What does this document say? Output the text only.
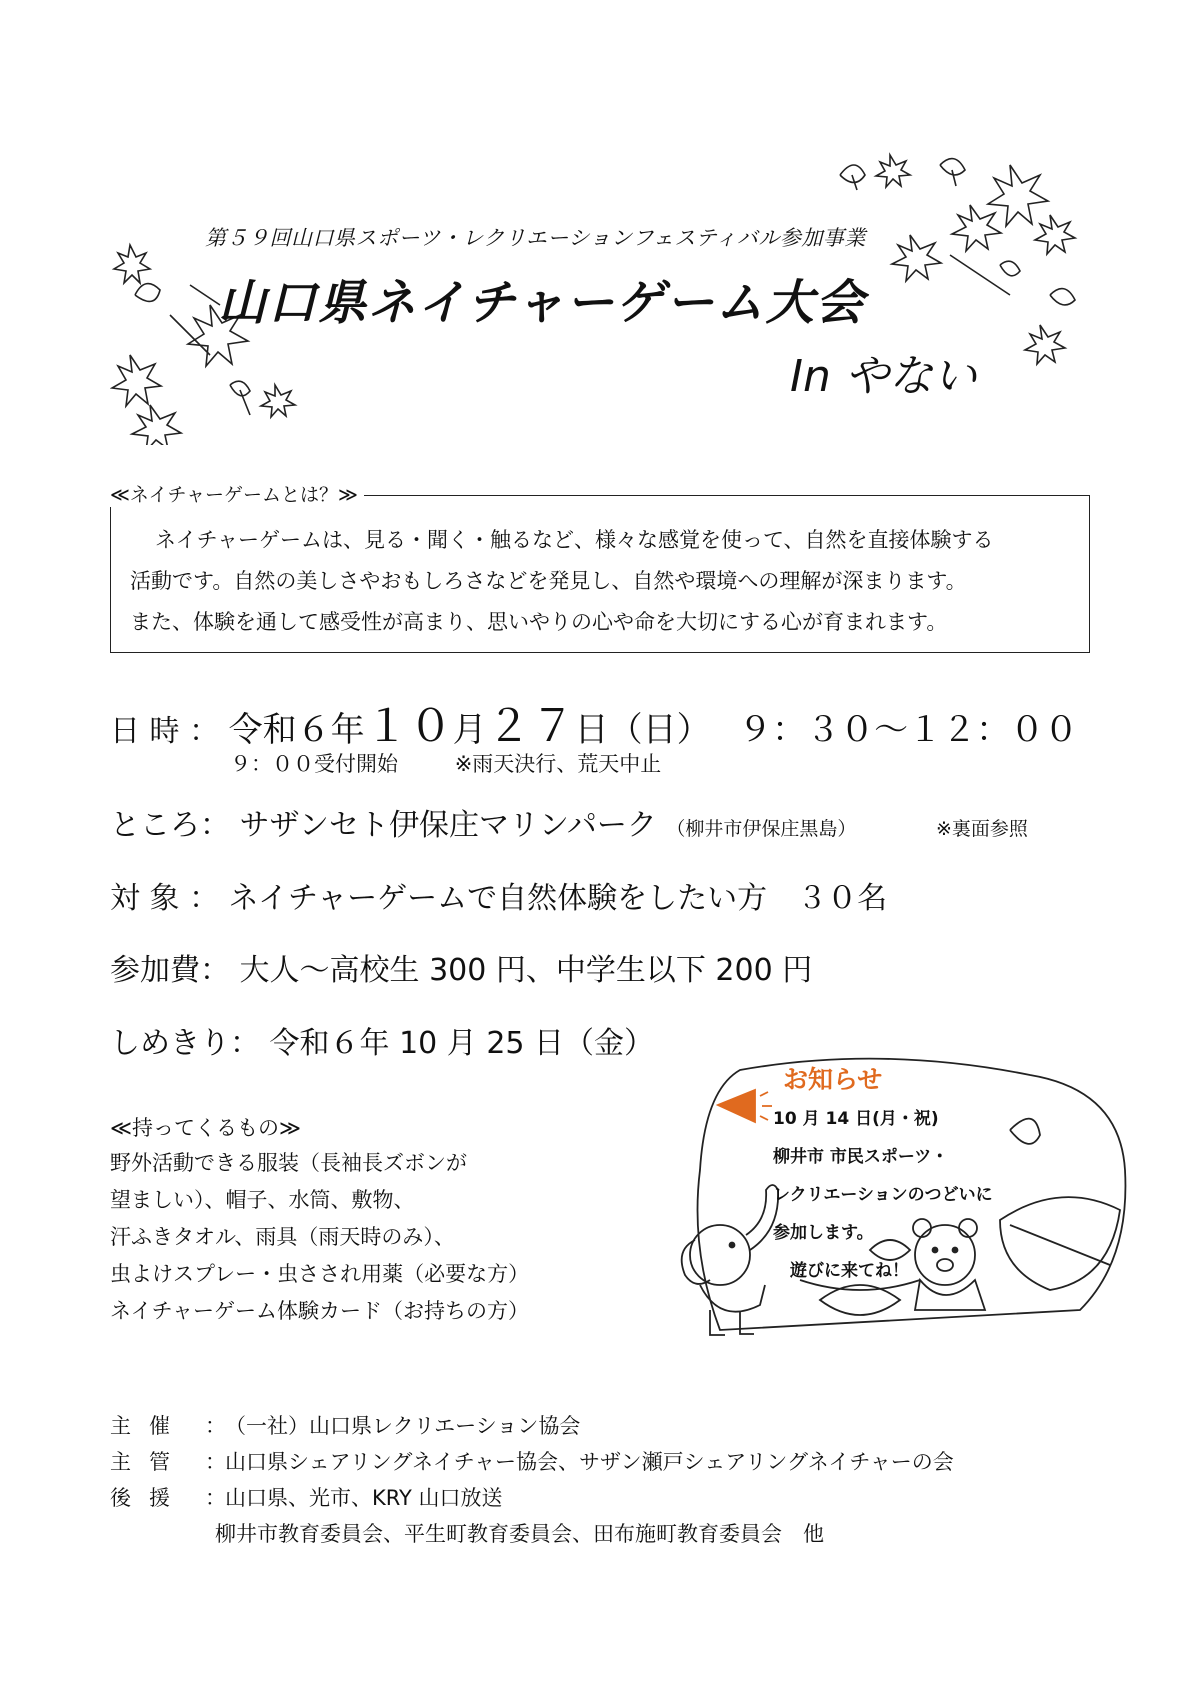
第５９回山口県スポーツ・レクリエーションフェスティバル参加事業
山口県ネイチャーゲーム大会
In やない
≪ネイチャーゲームとは？≫
ネイチャーゲームは、見る・聞く・触るなど、様々な感覚を使って、自然を直接体験する
活動です。自然の美しさやおもしろさなどを発見し、自然や環境への理解が深まります。
また、体験を通して感受性が高まり、思いやりの心や命を大切にする心が育まれます。
日 時 ： 令和６年１０月２７日（日） ９：３０～１２：００
９：００受付開始	※雨天決行、荒天中止
ところ： サザンセト伊保庄マリンパーク （柳井市伊保庄黒島）	※裏面参照
対 象 ： ネイチャーゲームで自然体験をしたい方　３０名
参加費： 大人～高校生 300 円、中学生以下 200 円
しめきり： 令和６年 10 月 25 日（金）
≪持ってくるもの≫
野外活動できる服装（長袖長ズボンが
望ましい）、帽子、水筒、敷物、
汗ふきタオル、雨具（雨天時のみ）、
虫よけスプレー・虫さされ用薬（必要な方）
ネイチャーゲーム体験カード（お持ちの方）
お知らせ
10 月 14 日(月・祝)
柳井市 市民スポーツ・
レクリエーションのつどいに
参加します。
　遊びに来てね！
主催 ：（一社）山口県レクリエーション協会
主管 ：山口県シェアリングネイチャー協会、サザン瀬戸シェアリングネイチャーの会
後援 ：山口県、光市、KRY 山口放送
柳井市教育委員会、平生町教育委員会、田布施町教育委員会　他
